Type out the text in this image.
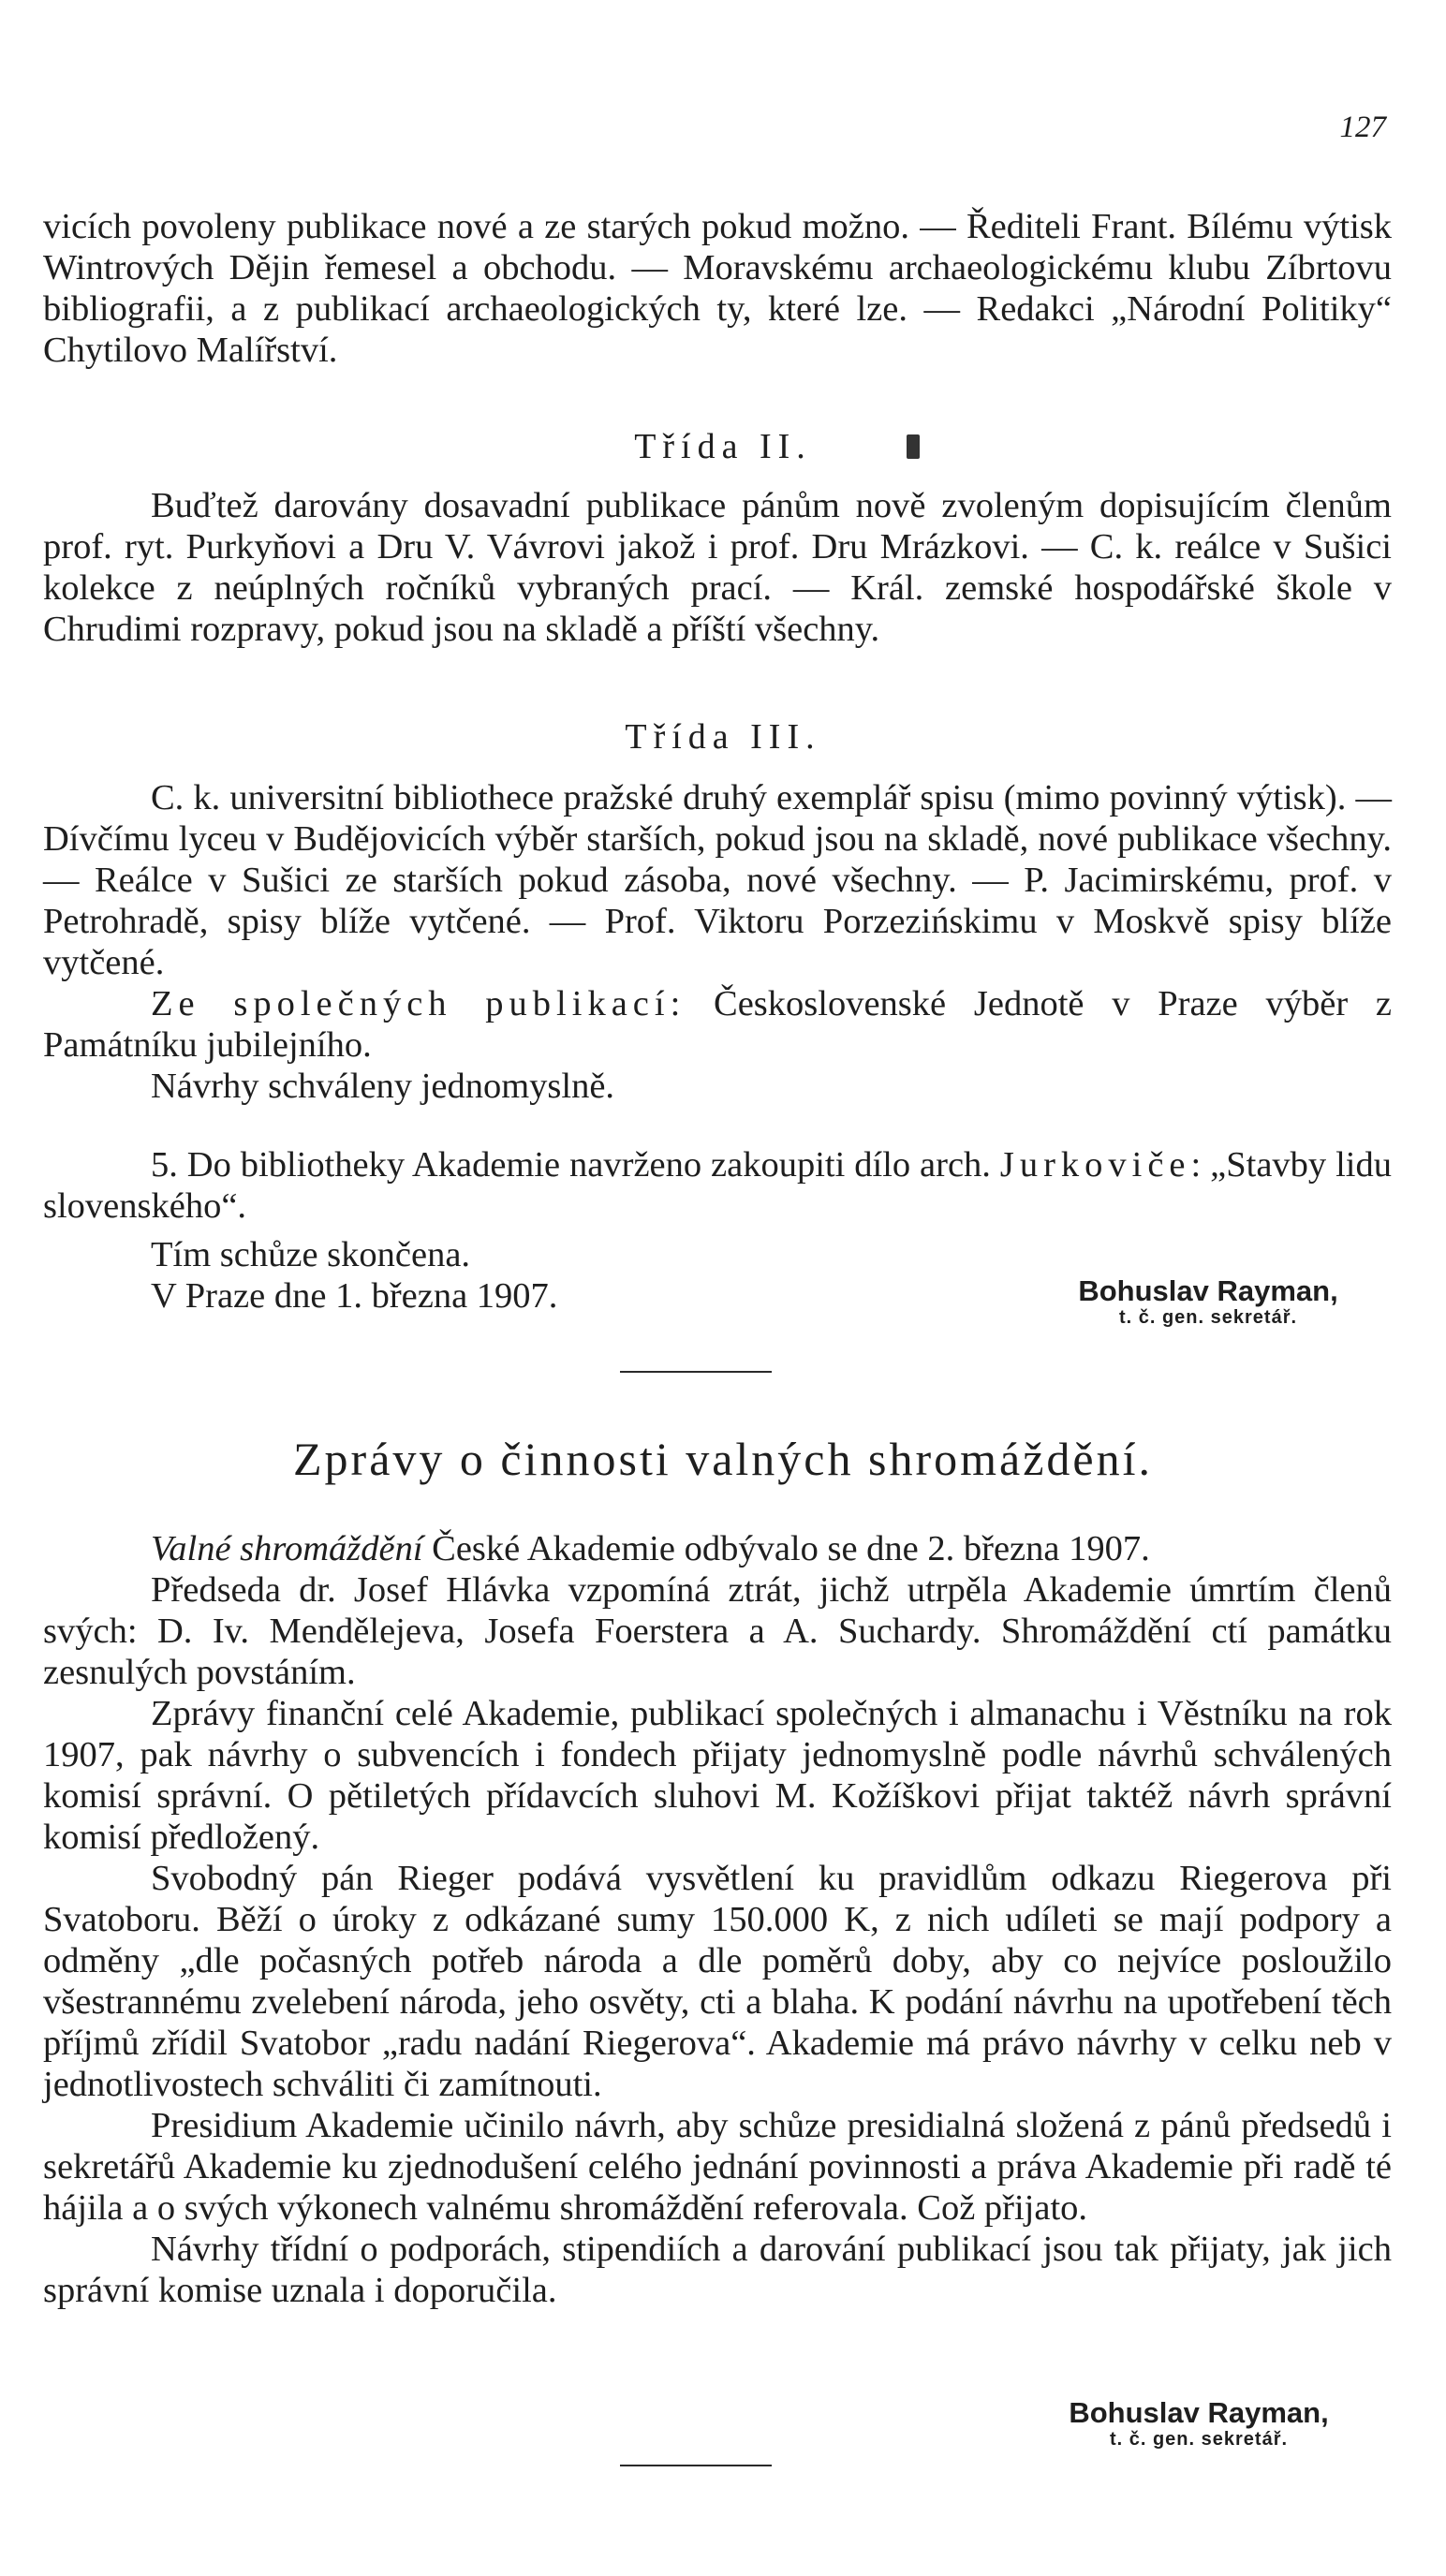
127

vicích povoleny publikace nové a ze starých pokud možno. — Řediteli Frant. Bílému výtisk Wintrových Dějin řemesel a obchodu. — Moravskému archaeologickému klubu Zíbrtovu bibliografii, a z publikací archaeologických ty, které lze. — Redakci „Národní Politiky“ Chytilovo Malířství.

Třída II.

Buďtež darovány dosavadní publikace pánům nově zvoleným dopisujícím členům prof. ryt. Purkyňovi a Dru V. Vávrovi jakož i prof. Dru Mrázkovi. — C. k. reálce v Sušici kolekce z neúplných ročníků vybraných prací. — Král. zemské hospodářské škole v Chrudimi rozpravy, pokud jsou na skladě a příští všechny.

Třída III.

C. k. universitní bibliothece pražské druhý exemplář spisu (mimo povinný výtisk). — Dívčímu lyceu v Budějovicích výběr starších, pokud jsou na skladě, nové publikace všechny. — Reálce v Sušici ze starších pokud zásoba, nové všechny. — P. Jacimirskému, prof. v Petrohradě, spisy blíže vytčené. — Prof. Viktoru Porzezińskimu v Moskvě spisy blíže vytčené.

Ze společných publikací: Československé Jednotě v Praze výběr z Památníku jubilejního.

Návrhy schváleny jednomyslně.

5. Do bibliotheky Akademie navrženo zakoupiti dílo arch. Jurkoviče: „Stavby lidu slovenského“.

Tím schůze skončena.

V Praze dne 1. března 1907.	Bohuslav Rayman,
t. č. gen. sekretář.
Zprávy o činnosti valných shromáždění.

Valné shromáždění České Akademie odbývalo se dne 2. března 1907.

Předseda dr. Josef Hlávka vzpomíná ztrát, jichž utrpěla Akademie úmrtím členů svých: D. Iv. Mendělejeva, Josefa Foerstera a A. Suchardy. Shromáždění ctí památku zesnulých povstáním.

Zprávy finanční celé Akademie, publikací společných i almanachu i Věstníku na rok 1907, pak návrhy o subvencích i fondech přijaty jednomyslně podle návrhů schválených komisí správní. O pětiletých přídavcích sluhovi M. Kožíškovi přijat taktéž návrh správní komisí předložený.

Svobodný pán Rieger podává vysvětlení ku pravidlům odkazu Riegerova při Svatoboru. Běží o úroky z odkázané sumy 150.000 K, z nich udíleti se mají podpory a odměny „dle počasných potřeb národa a dle poměrů doby, aby co nejvíce posloužilo všestrannému zvelebení národa, jeho osvěty, cti a blaha. K podání návrhu na upotřebení těch příjmů zřídil Svatobor „radu nadání Riegerova“. Akademie má právo návrhy v celku neb v jednotlivostech schváliti či zamítnouti.

Presidium Akademie učinilo návrh, aby schůze presidialná složená z pánů předsedů i sekretářů Akademie ku zjednodušení celého jednání povinnosti a práva Akademie při radě té hájila a o svých výkonech valnému shromáždění referovala. Což přijato.

Návrhy třídní o podporách, stipendiích a darování publikací jsou tak přijaty, jak jich správní komise uznala i doporučila.

Bohuslav Rayman,
t. č. gen. sekretář.
